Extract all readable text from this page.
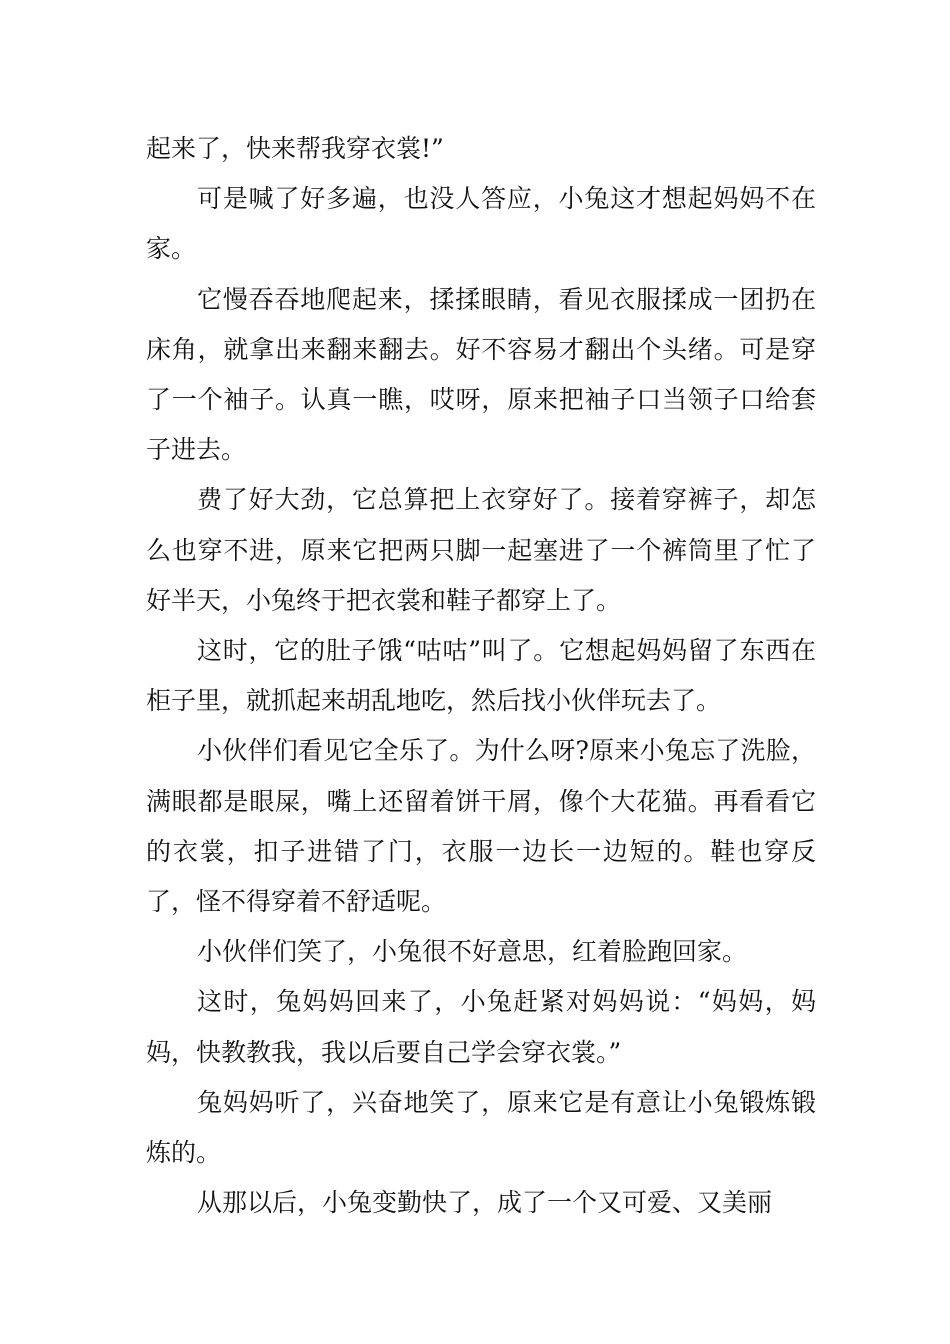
起来了，快来帮我穿衣裳!”

可是喊了好多遍，也没人答应，小兔这才想起妈妈不在家。

它慢吞吞地爬起来，揉揉眼睛，看见衣服揉成一团扔在床角，就拿出来翻来翻去。好不容易才翻出个头绪。可是穿了一个袖子。认真一瞧，哎呀，原来把袖子口当领子口给套子进去。

费了好大劲，它总算把上衣穿好了。接着穿裤子，却怎么也穿不进，原来它把两只脚一起塞进了一个裤筒里了忙了好半天，小兔终于把衣裳和鞋子都穿上了。

这时，它的肚子饿“咕咕”叫了。它想起妈妈留了东西在柜子里，就抓起来胡乱地吃，然后找小伙伴玩去了。

小伙伴们看见它全乐了。为什么呀?原来小兔忘了洗脸，满眼都是眼屎，嘴上还留着饼干屑，像个大花猫。再看看它的衣裳，扣子进错了门，衣服一边长一边短的。鞋也穿反了，怪不得穿着不舒适呢。

小伙伴们笑了，小兔很不好意思，红着脸跑回家。

这时，兔妈妈回来了，小兔赶紧对妈妈说：“妈妈，妈妈，快教教我，我以后要自己学会穿衣裳。”

兔妈妈听了，兴奋地笑了，原来它是有意让小兔锻炼锻炼的。

从那以后，小兔变勤快了，成了一个又可爱、又美丽
